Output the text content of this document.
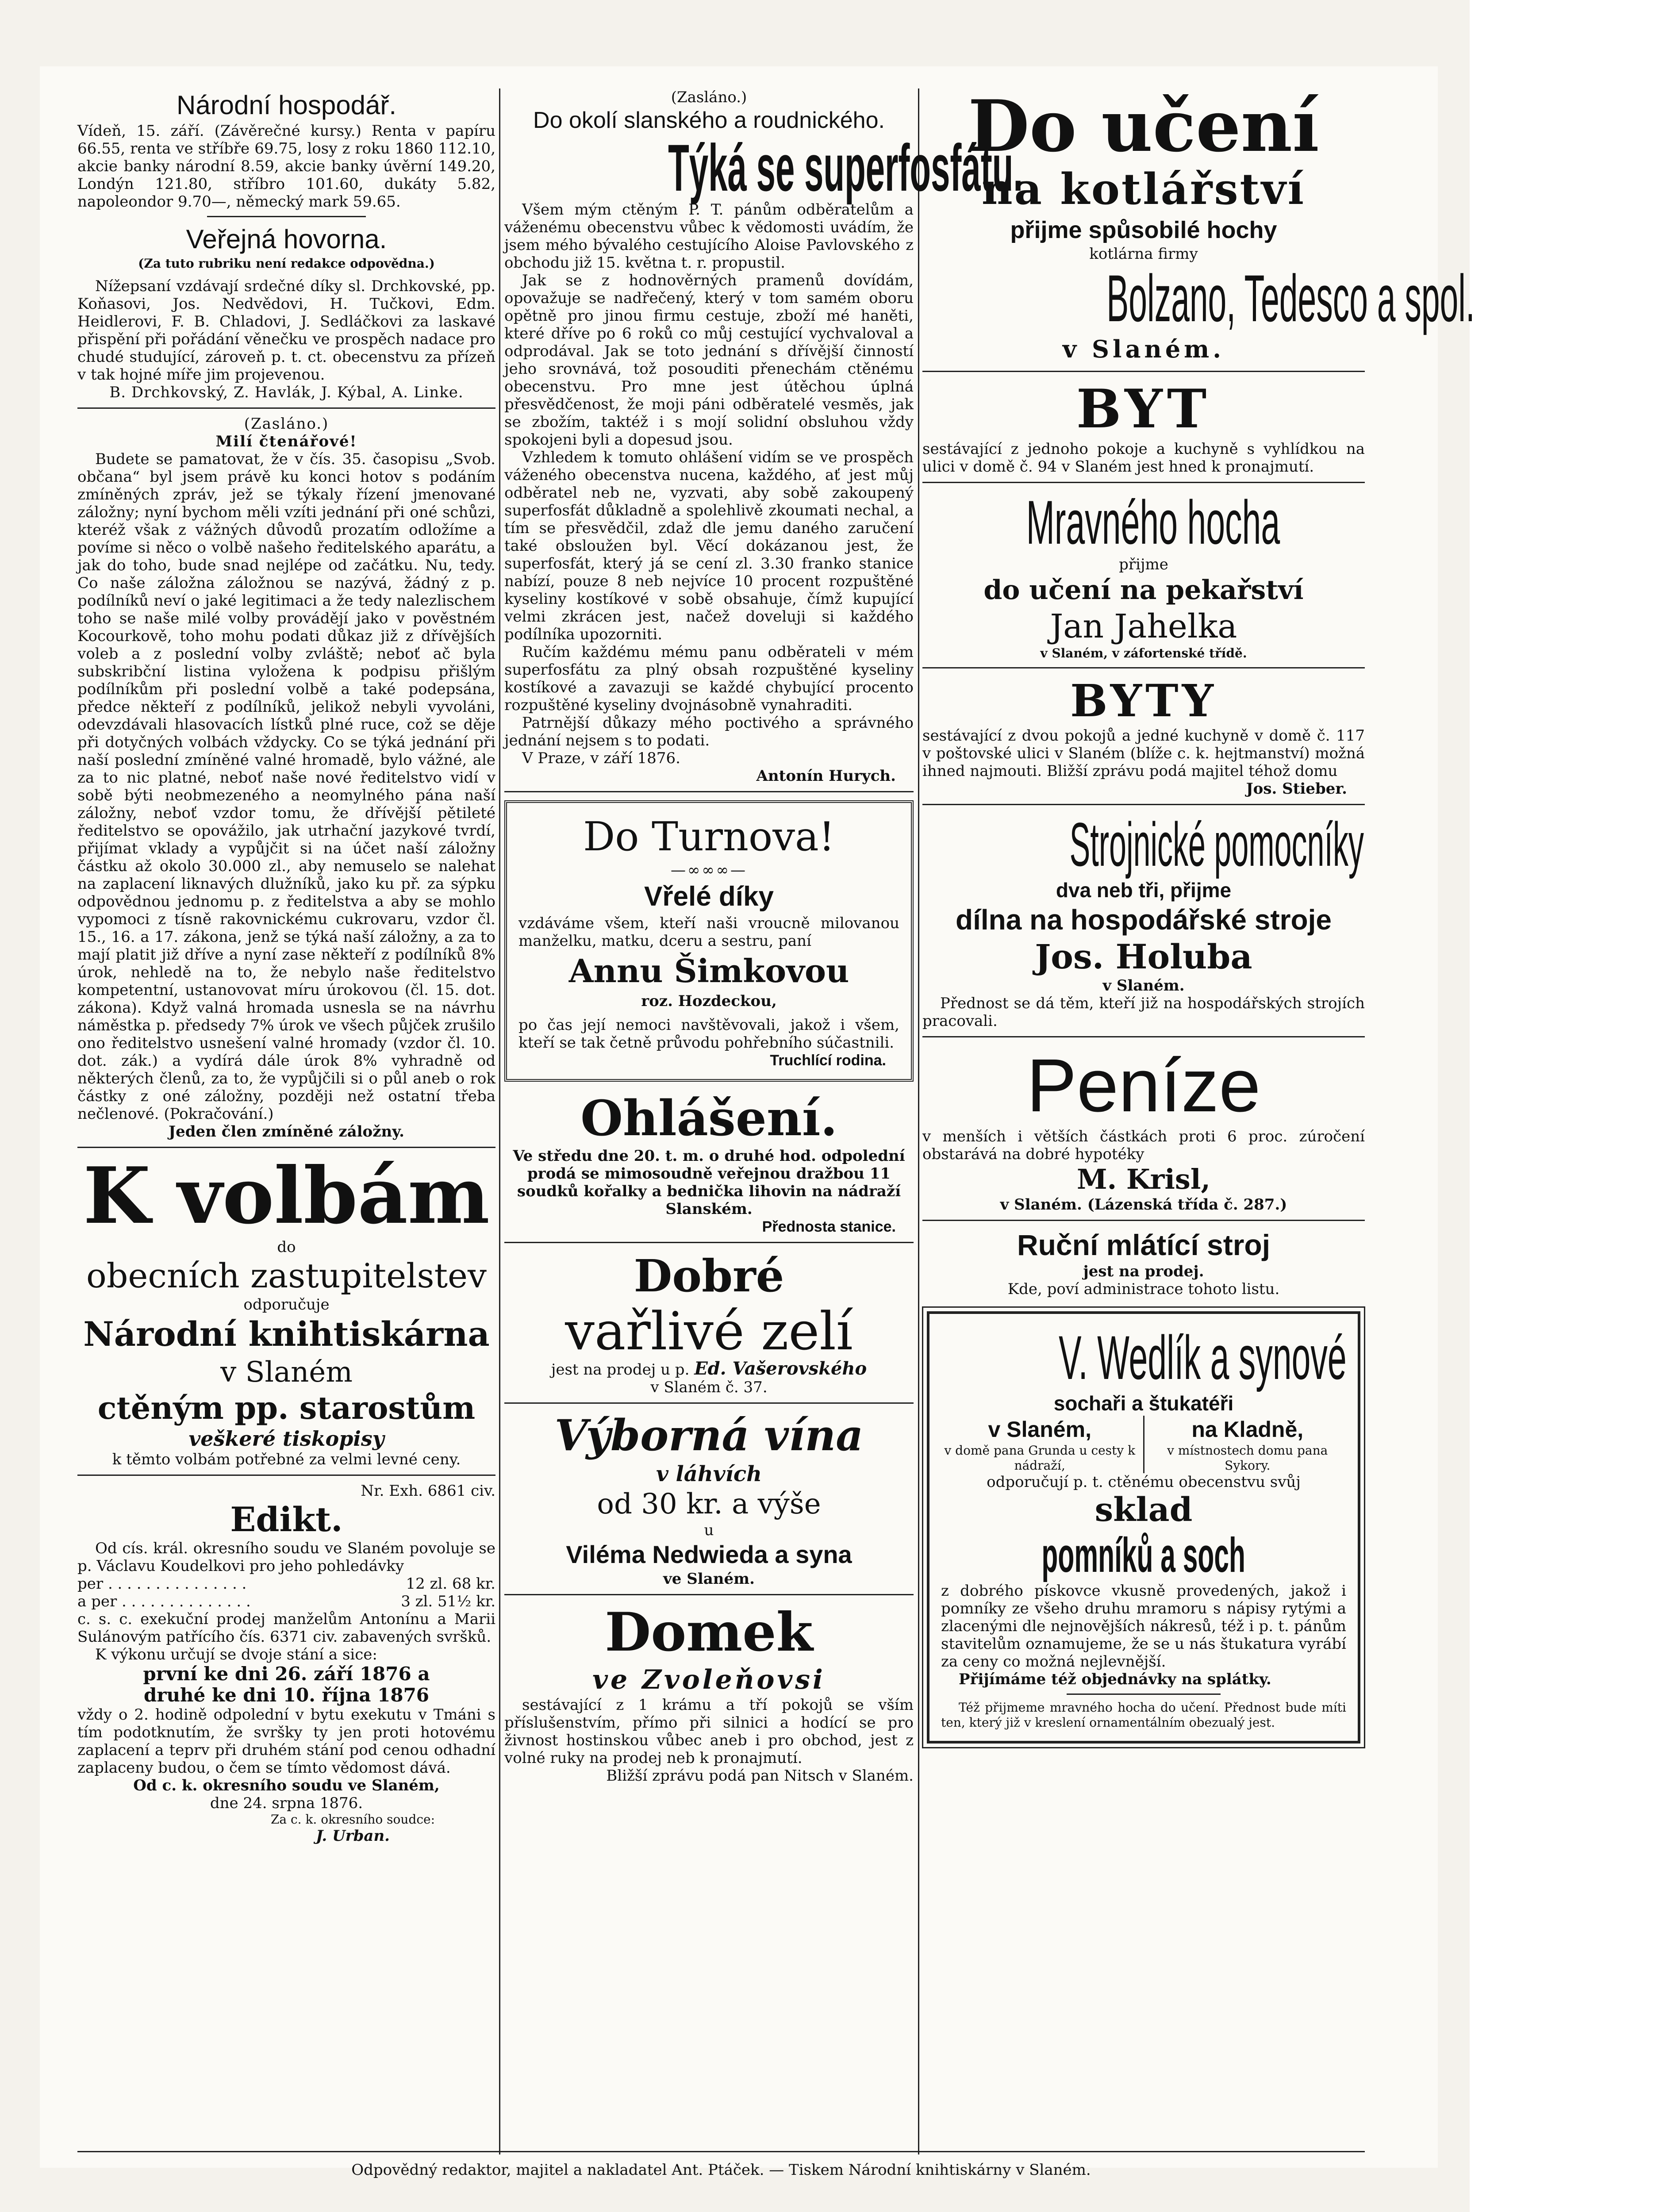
Národní hospodář.

Vídeň, 15. září. (Závěrečné kursy.) Renta v papíru 66.55, renta ve stříbře 69.75, losy z roku 1860 112.10, akcie banky národní 8.59, akcie banky úvěrní 149.20, Londýn 121.80, stříbro 101.60, dukáty 5.82, napoleondor 9.70—, německý mark 59.65.

Veřejná hovorna.

(Za tuto rubriku není redakce odpovědna.)

Nížepsaní vzdávají srdečné díky sl. Drchkovské, pp. Koňasovi, Jos. Nedvědovi, H. Tučkovi, Edm. Heidlerovi, F. B. Chladovi, J. Sedláčkovi za laskavé přispění při pořádání věnečku ve prospěch nadace pro chudé studující, zároveň p. t. ct. obecenstvu za přízeň v tak hojné míře jim projevenou.

B. Drchkovský, Z. Havlák, J. Kýbal, A. Linke.

(Zasláno.)

Milí čtenářové!

Budete se pamatovat, že v čís. 35. časopisu „Svob. občana“ byl jsem právě ku konci hotov s podáním zmíněných zpráv, jež se týkaly řízení jmenované záložny; nyní bychom měli vzíti jednání při oné schůzi, kteréž však z vážných důvodů prozatím odložíme a povíme si něco o volbě našeho ředitelského aparátu, a jak do toho, bude snad nejlépe od začátku. Nu, tedy. Co naše záložna záložnou se nazývá, žádný z p. podílníků neví o jaké legitimaci a že tedy nalezlischem toho se naše milé volby provádějí jako v pověstném Kocourkově, toho mohu podati důkaz již z dřívějších voleb a z poslední volby zvláště; neboť ač byla subskribční listina vyložena k podpisu přišlým podílníkům při poslední volbě a také podepsána, předce někteří z podílníků, jelikož nebyli vyvoláni, odevzdávali hlasovacích lístků plné ruce, což se děje při dotyčných volbách vždycky. Co se týká jednání při naší poslední zmíněné valné hromadě, bylo vážné, ale za to nic platné, neboť naše nové ředitelstvo vidí v sobě býti neobmezeného a neomylného pána naší záložny, neboť vzdor tomu, že dřívější pětileté ředitelstvo se opovážilo, jak utrhační jazykové tvrdí, přijímat vklady a vypůjčit si na účet naší záložny částku až okolo 30.000 zl., aby nemuselo se nalehat na zaplacení liknavých dlužníků, jako ku př. za sýpku odpovědnou jednomu p. z ředitelstva a aby se mohlo vypomoci z tísně rakovnickému cukrovaru, vzdor čl. 15., 16. a 17. zákona, jenž se týká naší záložny, a za to mají platit již dříve a nyní zase někteří z podílníků 8% úrok, nehledě na to, že nebylo naše ředitelstvo kompetentní, ustanovovat míru úrokovou (čl. 15. dot. zákona). Když valná hromada usnesla se na návrhu náměstka p. předsedy 7% úrok ve všech půjček zrušilo ono ředitelstvo usnešení valné hromady (vzdor čl. 10. dot. zák.) a vydírá dále úrok 8% vyhradně od některých členů, za to, že vypůjčili si o půl aneb o rok částky z oné záložny, později než ostatní třeba nečlenové. (Pokračování.)

Jeden člen zmíněné záložny.

K volbám

do

obecních zastupitelstev

odporučuje

Národní knihtiskárna
v Slaném
ctěným pp. starostům
veškeré tiskopisy

k těmto volbám potřebné za velmi levné ceny.

Nr. Exh. 6861 civ.

Edikt.

Od cís. král. okresního soudu ve Slaném povoluje se p. Václavu Koudelkovi pro jeho pohledávky

per . . . . . . . . . . . . . . .	12 zl. 68 kr.
a per . . . . . . . . . . . . . .	3 zl. 51½ kr.

c. s. c. exekuční prodej manželům Antonínu a Marii Sulánovým patřícího čís. 6371 civ. zabavených svršků.

K výkonu určují se dvoje stání a sice:

první ke dni 26. září 1876 a
druhé ke dni 10. října 1876

vždy o 2. hodině odpolední v bytu exekutu v Tmáni s tím podotknutím, že svršky ty jen proti hotovému zaplacení a teprv při druhém stání pod cenou odhadní zaplaceny budou, o čem se tímto vědomost dává.

Od c. k. okresního soudu ve Slaném,

dne 24. srpna 1876.

Za c. k. okresního soudce:

J. Urban.

(Zasláno.)

Do okolí slanského a roudnického.
Týká se superfosfátu.

Všem mým ctěným P. T. pánům odběratelům a váženému obecenstvu vůbec k vědomosti uvádím, že jsem mého bývalého cestujícího Aloise Pavlovského z obchodu již 15. května t. r. propustil.

Jak se z hodnověrných pramenů dovídám, opovažuje se nadřečený, který v tom samém oboru opětně pro jinou firmu cestuje, zboží mé haněti, které dříve po 6 roků co můj cestující vychvaloval a odprodával. Jak se toto jednání s dřívější činností jeho srovnává, tož posouditi přenechám ctěnému obecenstvu. Pro mne jest útěchou úplná přesvědčenost, že moji páni odběratelé vesměs, jak se zbožím, taktéž i s mojí solidní obsluhou vždy spokojeni byli a dopesud jsou.

Vzhledem k tomuto ohlášení vidím se ve prospěch váženého obecenstva nucena, každého, ať jest můj odběratel neb ne, vyzvati, aby sobě zakoupený superfosfát důkladně a spolehlivě zkoumati nechal, a tím se přesvědčil, zdaž dle jemu daného zaručení také obsloužen byl. Věcí dokázanou jest, že superfosfát, který já se cení zl. 3.30 franko stanice nabízí, pouze 8 neb nejvíce 10 procent rozpuštěné kyseliny kostíkové v sobě obsahuje, čímž kupující velmi zkrácen jest, načež doveluji si každého podílníka upozorniti.

Ručím každému mému panu odběrateli v mém superfosfátu za plný obsah rozpuštěné kyseliny kostíkové a zavazuji se každé chybující procento rozpuštěné kyseliny dvojnásobně vynahraditi.

Patrnější důkazy mého poctivého a správného jednání nejsem s to podati.

V Praze, v září 1876.

Antonín Hurych.

Do Turnova!
—∞∞∞—
Vřelé díky

vzdáváme všem, kteří naši vroucně milovanou manželku, matku, dceru a sestru, paní

Annu Šimkovou

roz. Hozdeckou,

po čas její nemoci navštěvovali, jakož i všem, kteří se tak četně průvodu pohřebního súčastnili.

Truchlící rodina.

Ohlášení.

Ve středu dne 20. t. m. o druhé hod. odpolední prodá se mimosoudně veřejnou dražbou 11 soudků kořalky a bednička lihovin na nádraží Slanském.

Přednosta stanice.

Dobré
vařlivé zelí

jest na prodej u p. Ed. Vašerovského

v Slaném č. 37.

Výborná vína
v láhvích
od 30 kr. a výše

u

Viléma Nedwieda a syna

ve Slaném.

Domek
ve Zvoleňovsi

sestávající z 1 krámu a tří pokojů se vším příslušenstvím, přímo při silnici a hodící se pro živnost hostinskou vůbec aneb i pro obchod, jest z volné ruky na prodej neb k pronajmutí.

Bližší zprávu podá pan Nitsch v Slaném.

Do učení
na kotlářství
přijme spůsobilé hochy

kotlárna firmy

Bolzano, Tedesco a spol.
v Slaném.
BYT

sestávající z jednoho pokoje a kuchyně s vyhlídkou na ulici v domě č. 94 v Slaném jest hned k pronajmutí.

Mravného hocha

přijme

do učení na pekařství
Jan Jahelka

v Slaném, v záfortenské třídě.

BYTY

sestávající z dvou pokojů a jedné kuchyně v domě č. 117 v poštovské ulici v Slaném (blíže c. k. hejtmanství) možná ihned najmouti. Bližší zprávu podá majitel téhož domu

Jos. Stieber.

Strojnické pomocníky
dva neb tři, přijme
dílna na hospodářské stroje
Jos. Holuba

v Slaném.

Přednost se dá těm, kteří již na hospodářských strojích pracovali.

Peníze

v menších i větších částkách proti 6 proc. zúročení obstarává na dobré hypotéky

M. Krisl,

v Slaném. (Lázenská třída č. 287.)

Ruční mlátící stroj

jest na prodej.

Kde, poví administrace tohoto listu.

V. Wedlík a synové
sochaři a štukatéři
v Slaném,

v domě pana Grunda u cesty k nádraží,

na Kladně,

v místnostech domu pana Sykory.

odporučují p. t. ctěnému obecenstvu svůj

sklad
pomníků a soch

z dobrého pískovce vkusně provedených, jakož i pomníky ze všeho druhu mramoru s nápisy rytými a zlacenými dle nejnovějších nákresů, též i p. t. pánům stavitelům oznamujeme, že se u nás štukatura vyrábí za ceny co možná nejlevnější.

Přijímáme též objednávky na splátky.

Též přijmeme mravného hocha do učení. Přednost bude míti ten, který již v kreslení ornamentálním obezualý jest.

Odpovědný redaktor, majitel a nakladatel Ant. Ptáček. — Tiskem Národní knihtiskárny v Slaném.
